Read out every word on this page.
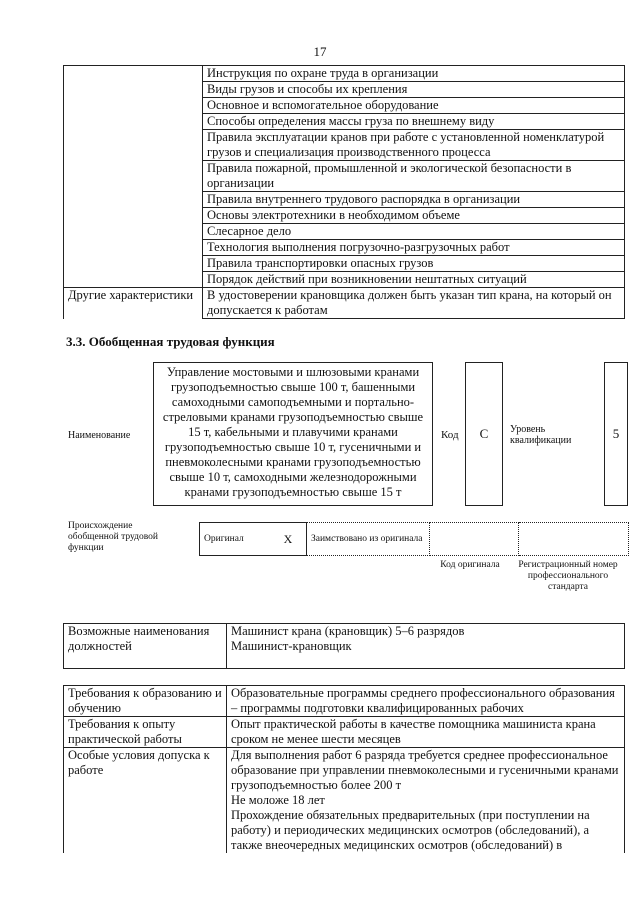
17
	Инструкция по охране труда в организации
	Виды грузов и способы их крепления
	Основное и вспомогательное оборудование
	Способы определения массы груза по внешнему виду
	Правила эксплуатации кранов при работе с установленной номенклатурой грузов и специализация производственного процесса
	Правила пожарной, промышленной и экологической безопасности в организации
	Правила внутреннего трудового распорядка в организации
	Основы электротехники в необходимом объеме
	Слесарное дело
	Технология выполнения погрузочно-разгрузочных работ
	Правила транспортировки опасных грузов
	Порядок действий при возникновении нештатных ситуаций
Другие характеристики	В удостоверении крановщика должен быть указан тип крана, на который он допускается к работам
3.3. Обобщенная трудовая функция
Наименование
Управление мостовыми и шлюзовыми кранами грузоподъемностью свыше 100 т, башенными самоходными самоподъемными и портально-стреловыми кранами грузоподъемностью свыше 15 т, кабельными и плавучими кранами грузоподъемностью свыше 10 т, гусеничными и пневмоколесными кранами грузоподъемностью свыше 10 т, самоходными железнодорожными кранами грузоподъемностью свыше 15 т
Код	C	Уровень квалификации	5
Происхождение обобщенной трудовой функции
Оригинал	X	Заимствовано из оригинала		
Код оригинала	Регистрационный номер профессионального стандарта
Возможные наименования должностей	
Машинист крана (крановщик) 5–6 разрядов
Машинист-крановщик
Требования к образованию и обучению	Образовательные программы среднего профессионального образования – программы подготовки квалифицированных рабочих
Требования к опыту практической работы	Опыт практической работы в качестве помощника машиниста крана сроком не менее шести месяцев
Особые условия допуска к работе	Для выполнения работ 6 разряда требуется среднее профессиональное образование при управлении пневмоколесными и гусеничными кранами грузоподъемностью более 200 т
Не моложе 18 лет
Прохождение обязательных предварительных (при поступлении на работу) и периодических медицинских осмотров (обследований), а также внеочередных медицинских осмотров (обследований) в
